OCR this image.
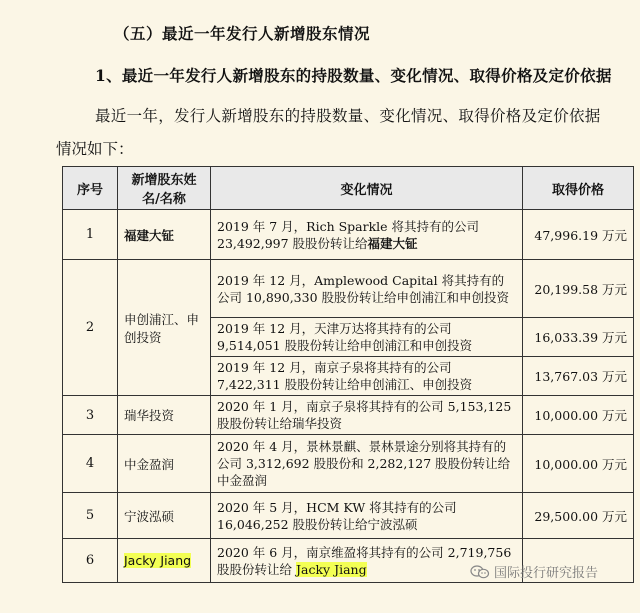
（五）最近一年发行人新增股东情况
1、最近一年发行人新增股东的持股数量、变化情况、取得价格及定价依据
最近一年，发行人新增股东的持股数量、变化情况、取得价格及定价依据
情况如下：
序号	新增股东姓名/名称	变化情况	取得价格
1	福建大钲	2019 年 7 月，Rich Sparkle 将其持有的公司 23,492,997 股股份转让给福建大钲	47,996.19 万元
2	申创浦江、申创投资	2019 年 12 月，Amplewood Capital 将其持有的公司 10,890,330 股股份转让给申创浦江和申创投资	20,199.58 万元
		2019 年 12 月，天津万达将其持有的公司 9,514,051 股股份转让给申创浦江和申创投资	16,033.39 万元
		2019 年 12 月，南京子泉将其持有的公司 7,422,311 股股份转让给申创浦江、申创投资	13,767.03 万元
3	瑞华投资	2020 年 1 月，南京子泉将其持有的公司 5,153,125 股股份转让给瑞华投资	10,000.00 万元
4	中金盈润	2020 年 4 月，景林景麒、景林景途分别将其持有的公司 3,312,692 股股份和 2,282,127 股股份转让给中金盈润	10,000.00 万元
5	宁波泓硕	2020 年 5 月，HCM KW 将其持有的公司 16,046,252 股股份转让给宁波泓硕	29,500.00 万元
6	Jacky Jiang	2020 年 6 月，南京维盈将其持有的公司 2,719,756 股股份转让给 Jacky Jiang		国际投行研究报告
